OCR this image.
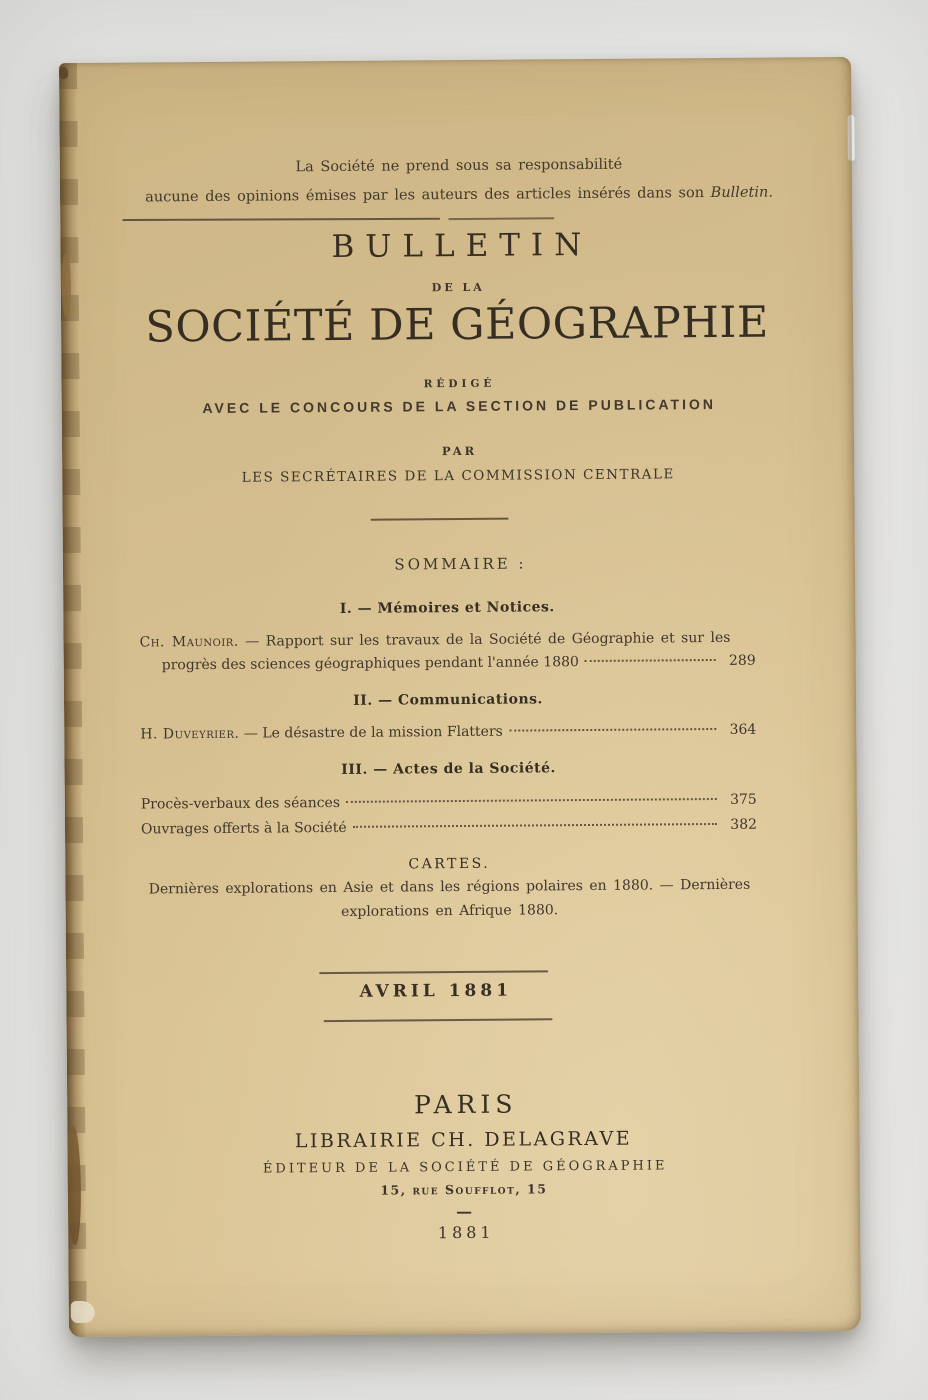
La Société ne prend sous sa responsabilité
aucune des opinions émises par les auteurs des articles insérés dans son Bulletin.
BULLETIN
DE LA
SOCIÉTÉ DE GÉOGRAPHIE
RÉDIGÉ
AVEC LE CONCOURS DE LA SECTION DE PUBLICATION
PAR
LES SECRÉTAIRES DE LA COMMISSION CENTRALE
SOMMAIRE :
I. — Mémoires et Notices.
Ch. Maunoir. — Rapport sur les travaux de la Société de Géographie et sur les
progrès des sciences géographiques pendant l'année 1880	289
II. — Communications.
H. Duveyrier. — Le désastre de la mission Flatters	364
III. — Actes de la Société.
Procès-verbaux des séances	375
Ouvrages offerts à la Société	382
CARTES.
Dernières explorations en Asie et dans les régions polaires en 1880. — Dernières explorations en Afrique 1880.
AVRIL 1881
PARIS
LIBRAIRIE CH. DELAGRAVE
ÉDITEUR DE LA SOCIÉTÉ DE GÉOGRAPHIE
15, rue Soufflot, 15
—
1881
